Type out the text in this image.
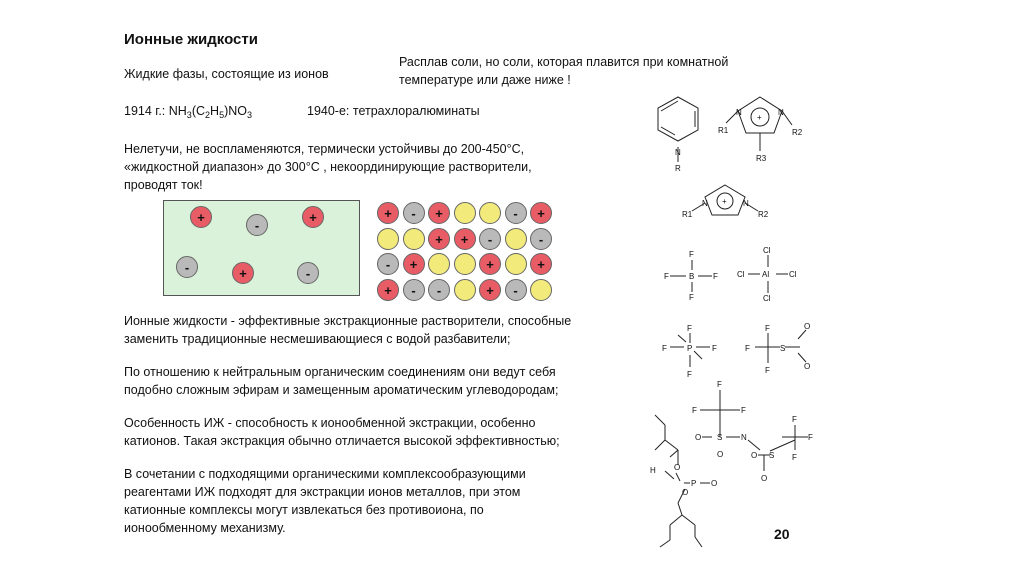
Ионные жидкости
Жидкие фазы, состоящие из ионов
Расплав соли, но соли, которая плавится при комнатной
температуре или даже ниже !
1914 г.: $NH_3(C_2H_5)NO_3$	1940-е: тетрахлоралюминаты
Нелетучи, не воспламеняются, термически устойчивы до 200-450°С,
«жидкостной диапазон» до 300°С , некоординирующие растворители,
проводят ток!
+
-
+
-	+	-
+	-	+	-	+
+	+	-	-
-	+	+	+
+	-	-	+	-
Ионные жидкости - эффективные экстракционные растворители, способные
заменить традиционные несмешивающиеся с водой разбавители;
По отношению к нейтральным органическим соединениям они ведут себя
подобно сложным эфирам и замещенным ароматическим углеводородам;
Особенность ИЖ - способность к ионообменной экстракции, особенно
катионов. Такая экстракция обычно отличается высокой эффективностью;
В сочетании с подходящими органическими комплексообразующими
реагентами ИЖ подходят для экстракции ионов металлов, при этом
катионные комплексы могут извлекаться без противоиона, по
ионообменному механизму.	20
N
R
N	N
+
R1	R2
R3
N	N
+
R1	R2
F
B
F	F
F
Cl
Al
Cl	Cl
Cl
F
P
F	F
F
F
F
F
S
O
O
F
F	F
O S N
O	O S
O
F
F
F
H O
P O
O
